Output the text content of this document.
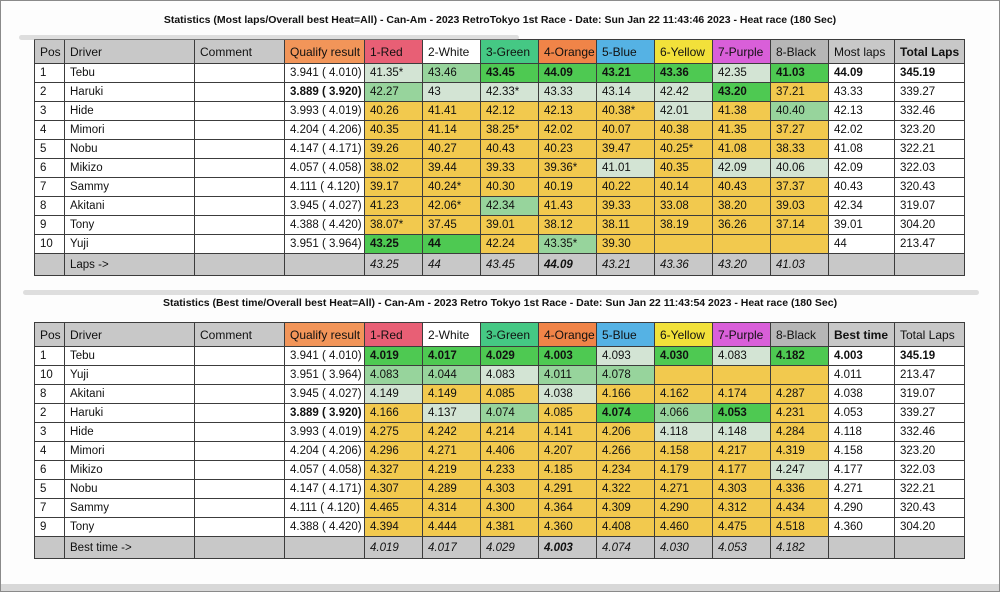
Statistics (Most laps/Overall best Heat=All) - Can-Am - 2023 RetroTokyo 1st Race - Date: Sun Jan 22 11:43:46 2023 - Heat race (180 Sec)
Pos	Driver	Comment	Qualify result	1-Red	2-White	3-Green	4-Orange	5-Blue	6-Yellow	7-Purple	8-Black	Most laps	Total Laps
1	Tebu		3.941 ( 4.010)	41.35*	43.46	43.45	44.09	43.21	43.36	42.35	41.03	44.09	345.19
2	Haruki		3.889 ( 3.920)	42.27	43	42.33*	43.33	43.14	42.42	43.20	37.21	43.33	339.27
3	Hide		3.993 ( 4.019)	40.26	41.41	42.12	42.13	40.38*	42.01	41.38	40.40	42.13	332.46
4	Mimori		4.204 ( 4.206)	40.35	41.14	38.25*	42.02	40.07	40.38	41.35	37.27	42.02	323.20
5	Nobu		4.147 ( 4.171)	39.26	40.27	40.43	40.23	39.47	40.25*	41.08	38.33	41.08	322.21
6	Mikizo		4.057 ( 4.058)	38.02	39.44	39.33	39.36*	41.01	40.35	42.09	40.06	42.09	322.03
7	Sammy		4.111 ( 4.120)	39.17	40.24*	40.30	40.19	40.22	40.14	40.43	37.37	40.43	320.43
8	Akitani		3.945 ( 4.027)	41.23	42.06*	42.34	41.43	39.33	33.08	38.20	39.03	42.34	319.07
9	Tony		4.388 ( 4.420)	38.07*	37.45	39.01	38.12	38.11	38.19	36.26	37.14	39.01	304.20
10	Yuji		3.951 ( 3.964)	43.25	44	42.24	43.35*	39.30				44	213.47
	Laps ->			43.25	44	43.45	44.09	43.21	43.36	43.20	41.03		
Statistics (Best time/Overall best Heat=All) - Can-Am - 2023 Retro Tokyo 1st Race - Date: Sun Jan 22 11:43:54 2023 - Heat race (180 Sec)
Pos	Driver	Comment	Qualify result	1-Red	2-White	3-Green	4-Orange	5-Blue	6-Yellow	7-Purple	8-Black	Best time	Total Laps
1	Tebu		3.941 ( 4.010)	4.019	4.017	4.029	4.003	4.093	4.030	4.083	4.182	4.003	345.19
10	Yuji		3.951 ( 3.964)	4.083	4.044	4.083	4.011	4.078				4.011	213.47
8	Akitani		3.945 ( 4.027)	4.149	4.149	4.085	4.038	4.166	4.162	4.174	4.287	4.038	319.07
2	Haruki		3.889 ( 3.920)	4.166	4.137	4.074	4.085	4.074	4.066	4.053	4.231	4.053	339.27
3	Hide		3.993 ( 4.019)	4.275	4.242	4.214	4.141	4.206	4.118	4.148	4.284	4.118	332.46
4	Mimori		4.204 ( 4.206)	4.296	4.271	4.406	4.207	4.266	4.158	4.217	4.319	4.158	323.20
6	Mikizo		4.057 ( 4.058)	4.327	4.219	4.233	4.185	4.234	4.179	4.177	4.247	4.177	322.03
5	Nobu		4.147 ( 4.171)	4.307	4.289	4.303	4.291	4.322	4.271	4.303	4.336	4.271	322.21
7	Sammy		4.111 ( 4.120)	4.465	4.314	4.300	4.364	4.309	4.290	4.312	4.434	4.290	320.43
9	Tony		4.388 ( 4.420)	4.394	4.444	4.381	4.360	4.408	4.460	4.475	4.518	4.360	304.20
	Best time ->			4.019	4.017	4.029	4.003	4.074	4.030	4.053	4.182		
